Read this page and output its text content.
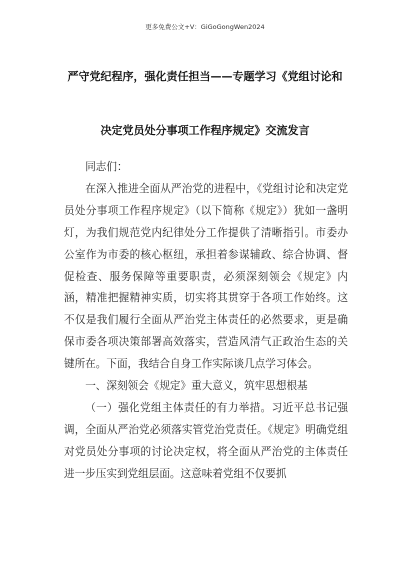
更多免费公文+V：GiGoGongWen2024
严守党纪程序，强化责任担当——专题学习《党组讨论和
决定党员处分事项工作程序规定》交流发言

同志们：

在深入推进全面从严治党的进程中，《党组讨论和决定党员处分事项工作程序规定》（以下简称《规定》）犹如一盏明灯，为我们规范党内纪律处分工作提供了清晰指引。市委办公室作为市委的核心枢纽，承担着参谋辅政、综合协调、督促检查、服务保障等重要职责，必须深刻领会《规定》内涵，精准把握精神实质，切实将其贯穿于各项工作始终。这不仅是我们履行全面从严治党主体责任的必然要求，更是确保市委各项决策部署高效落实，营造风清气正政治生态的关键所在。下面，我结合自身工作实际谈几点学习体会。

一、深刻领会《规定》重大意义，筑牢思想根基

（一）强化党组主体责任的有力举措。习近平总书记强调，全面从严治党必须落实管党治党责任。《规定》明确党组对党员处分事项的讨论决定权，将全面从严治党的主体责任进一步压实到党组层面。这意味着党组不仅要抓
